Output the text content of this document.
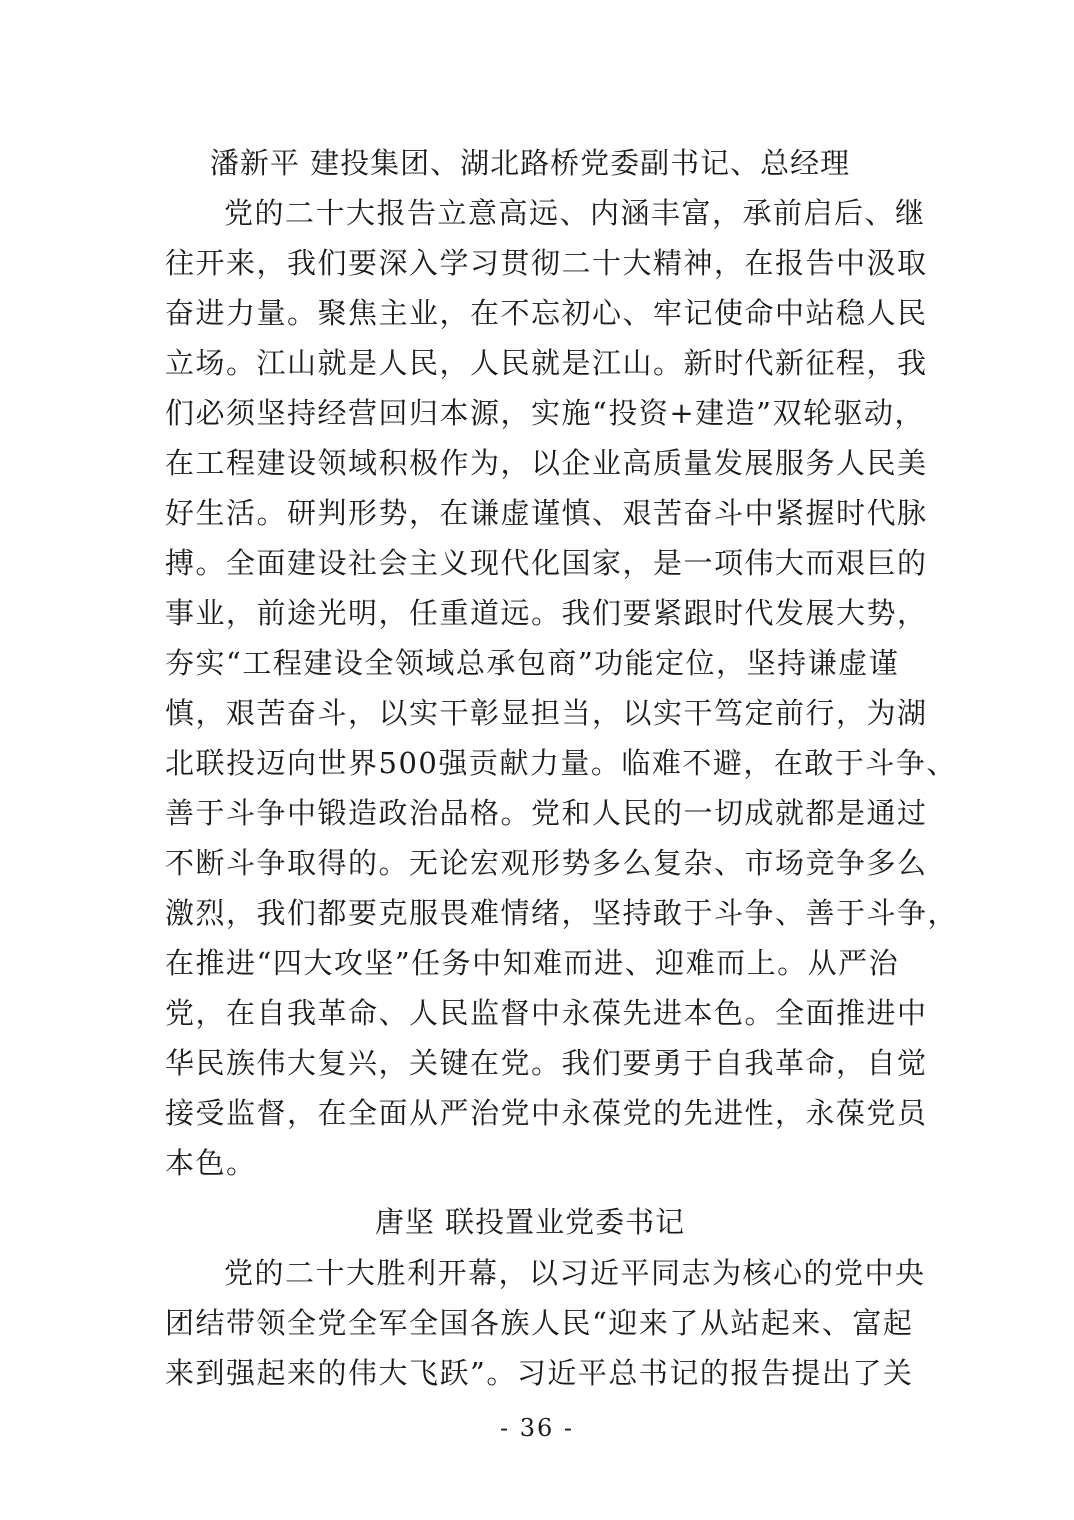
潘新平 建投集团、湖北路桥党委副书记、总经理
党的二十大报告立意高远、内涵丰富，承前启后、继
往开来，我们要深入学习贯彻二十大精神，在报告中汲取
奋进力量。聚焦主业，在不忘初心、牢记使命中站稳人民
立场。江山就是人民，人民就是江山。新时代新征程，我
们必须坚持经营回归本源，实施“投资+建造”双轮驱动，
在工程建设领域积极作为，以企业高质量发展服务人民美
好生活。研判形势，在谦虚谨慎、艰苦奋斗中紧握时代脉
搏。全面建设社会主义现代化国家，是一项伟大而艰巨的
事业，前途光明，任重道远。我们要紧跟时代发展大势，
夯实“工程建设全领域总承包商”功能定位，坚持谦虚谨
慎，艰苦奋斗，以实干彰显担当，以实干笃定前行，为湖
北联投迈向世界500强贡献力量。临难不避，在敢于斗争、
善于斗争中锻造政治品格。党和人民的一切成就都是通过
不断斗争取得的。无论宏观形势多么复杂、市场竞争多么
激烈，我们都要克服畏难情绪，坚持敢于斗争、善于斗争，
在推进“四大攻坚”任务中知难而进、迎难而上。从严治
党，在自我革命、人民监督中永葆先进本色。全面推进中
华民族伟大复兴，关键在党。我们要勇于自我革命，自觉
接受监督，在全面从严治党中永葆党的先进性，永葆党员
本色。
唐坚 联投置业党委书记
党的二十大胜利开幕，以习近平同志为核心的党中央
团结带领全党全军全国各族人民“迎来了从站起来、富起
来到强起来的伟大飞跃”。习近平总书记的报告提出了关
- 36 -
